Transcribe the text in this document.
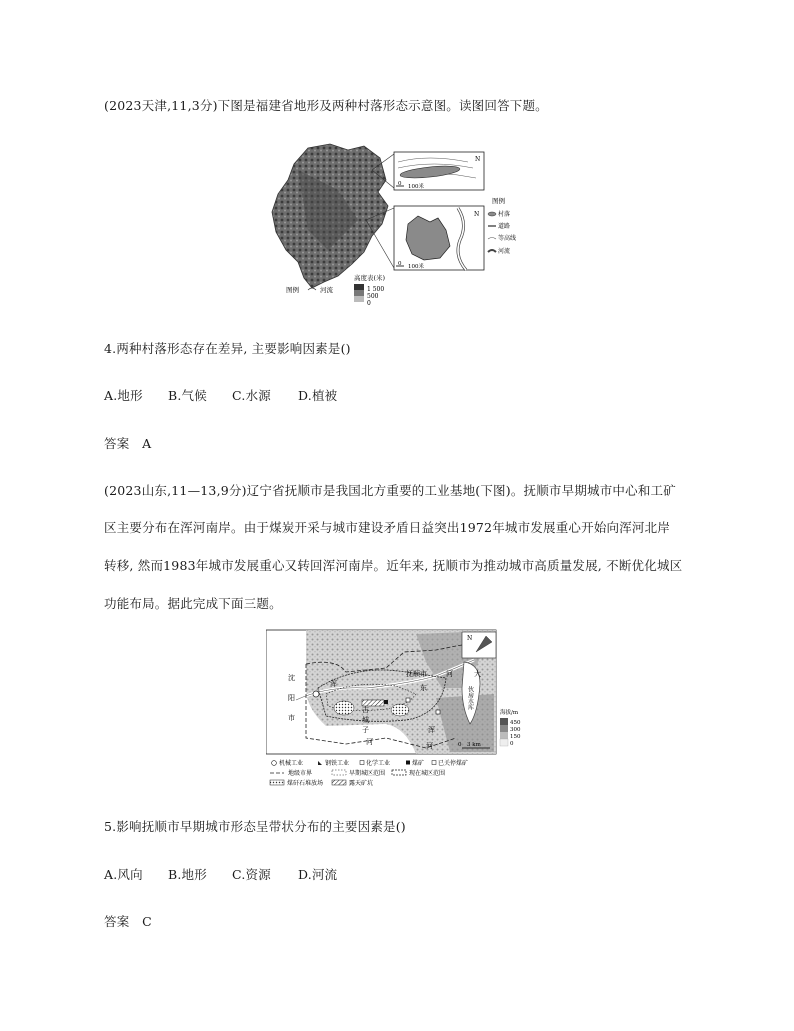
(2023天津,11,3分)下图是福建省地形及两种村落形态示意图。读图回答下题。
N
0 100米
N
0 100米
图例
村落
道路
等高线
河流
图例	河流
高度表(米)
1 500
500
0
4.两种村落形态存在差异, 主要影响因素是()
A.地形 B.气候 C.水源 D.植被
答案　A
(2023山东,11—13,9分)辽宁省抚顺市是我国北方重要的工业基地(下图)。抚顺市早期城市中心和工矿
区主要分布在浑河南岸。由于煤炭开采与城市建设矛盾日益突出1972年城市发展重心开始向浑河北岸
转移, 然而1983年城市发展重心又转回浑河南岸。近年来, 抚顺市为推动城市高质量发展, 不断优化城区
功能布局。据此完成下面三题。
N
沈
阳
市
抚顺市	河
东
浑
浑
河	河
古
城
子
大
伙房水库
海拔/m
450
300
150
0
0　3 km
机械工业	钢铁工业	化学工业	煤矿 已关停煤矿
地级市界	早期城区范围	现在城区范围
煤矸石堆放场	露天矿坑
5.影响抚顺市早期城市形态呈带状分布的主要因素是()
A.风向 B.地形 C.资源 D.河流
答案　C
